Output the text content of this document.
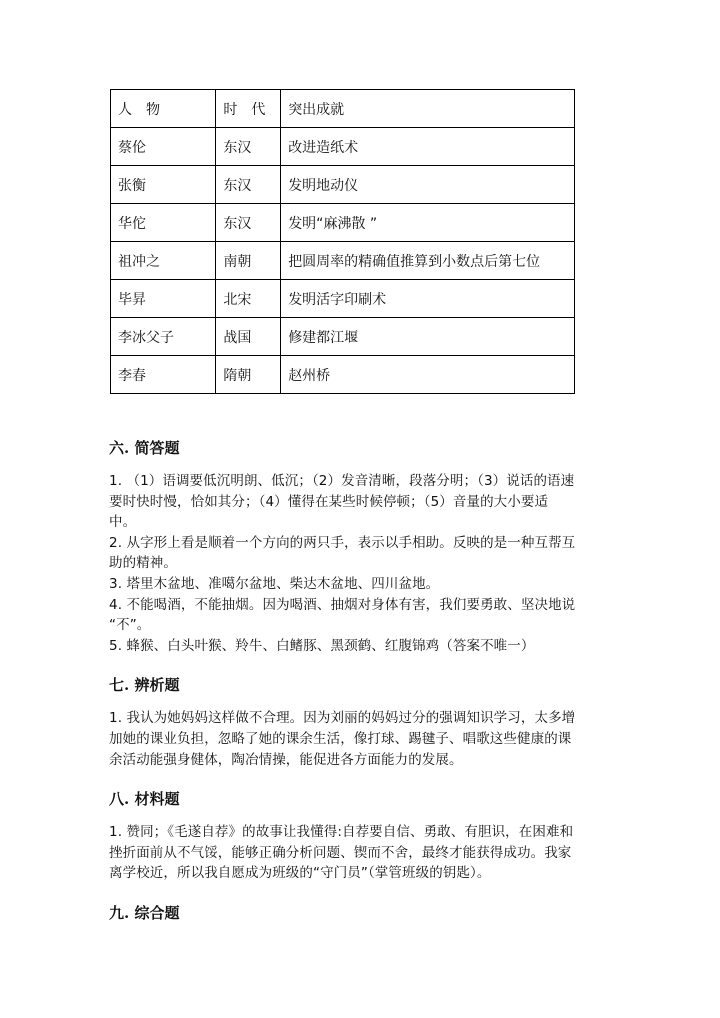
人　物	时　代	突出成就
蔡伦	东汉	改进造纸术
张衡	东汉	发明地动仪
华佗	东汉	发明“麻沸散 ”
祖冲之	南朝	把圆周率的精确值推算到小数点后第七位
毕昇	北宋	发明活字印刷术
李冰父子	战国	修建都江堰
李春	隋朝	赵州桥
六. 简答题

1. （1）语调要低沉明朗、低沉；（2）发音清晰，段落分明；（3）说话的语速

要时快时慢，恰如其分；（4）懂得在某些时候停顿；（5）音量的大小要适

中。

2. 从字形上看是顺着一个方向的两只手，表示以手相助。反映的是一种互帮互

助的精神。

3. 塔里木盆地、准噶尔盆地、柴达木盆地、四川盆地。

4. 不能喝酒，不能抽烟。因为喝酒、抽烟对身体有害，我们要勇敢、坚决地说

“不”。

5. 蜂猴、白头叶猴、羚牛、白鳍豚、黑颈鹤、红腹锦鸡（答案不唯一）

七. 辨析题

1. 我认为她妈妈这样做不合理。因为刘丽的妈妈过分的强调知识学习，太多增

加她的课业负担，忽略了她的课余生活，像打球、踢毽子、唱歌这些健康的课

余活动能强身健体，陶冶情操，能促进各方面能力的发展。

八. 材料题

1. 赞同；《毛遂自荐》的故事让我懂得:自荐要自信、勇敢、有胆识，在困难和

挫折面前从不气馁，能够正确分析问题、锲而不舍，最终才能获得成功。我家

离学校近，所以我自愿成为班级的“守门员”（掌管班级的钥匙）。

九. 综合题
